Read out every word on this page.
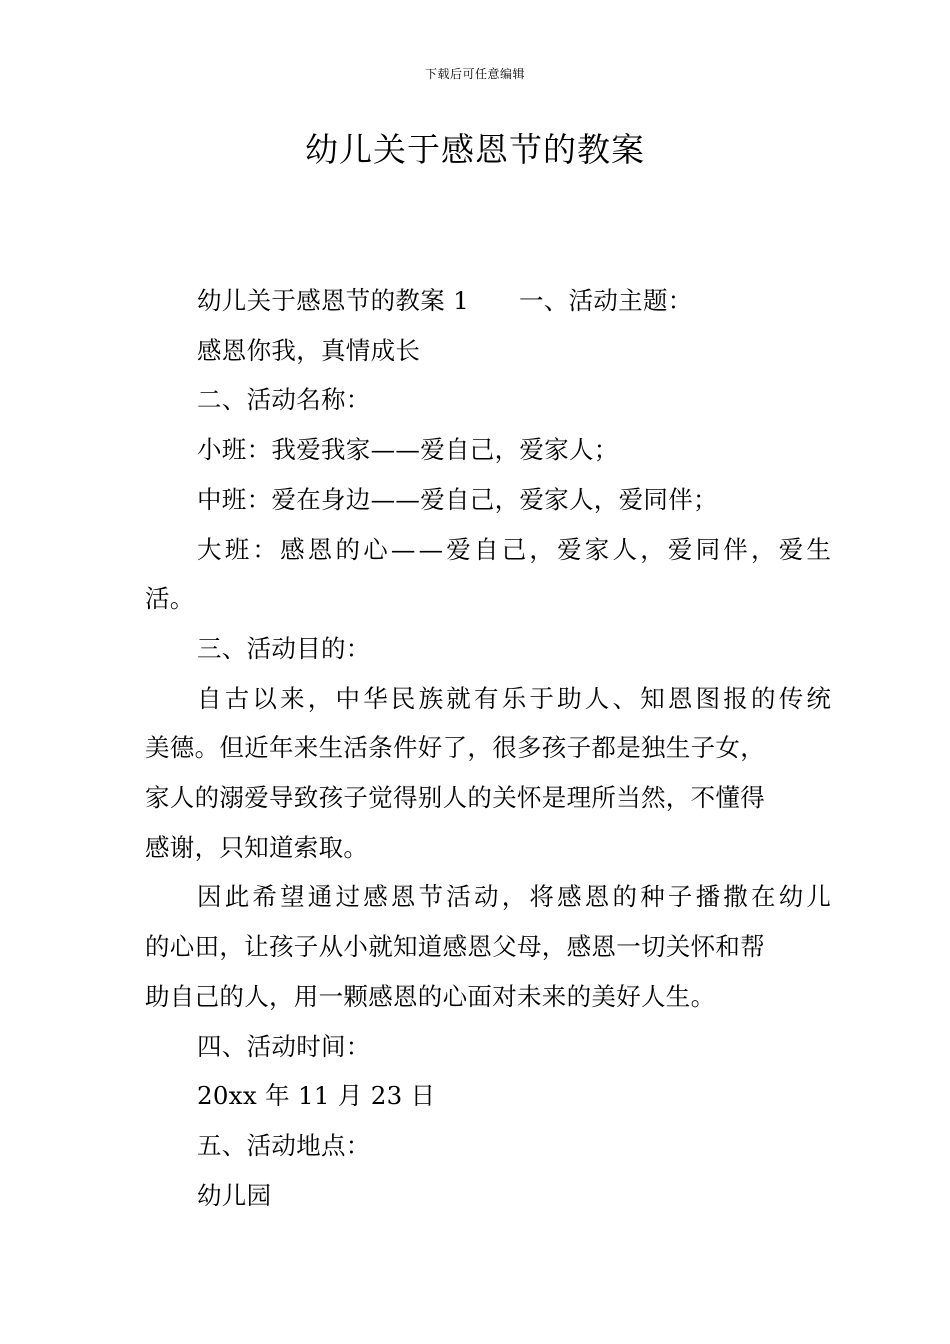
下载后可任意编辑
幼儿关于感恩节的教案
幼儿关于感恩节的教案 1 一、活动主题：
感恩你我，真情成长
二、活动名称：
小班：我爱我家——爱自己，爱家人；
中班：爱在身边——爱自己，爱家人，爱同伴；
大班：感恩的心——爱自己，爱家人，爱同伴，爱生
活。
三、活动目的：
自古以来，中华民族就有乐于助人、知恩图报的传统
美德。但近年来生活条件好了，很多孩子都是独生子女，
家人的溺爱导致孩子觉得别人的关怀是理所当然，不懂得
感谢，只知道索取。
因此希望通过感恩节活动，将感恩的种子播撒在幼儿
的心田，让孩子从小就知道感恩父母，感恩一切关怀和帮
助自己的人，用一颗感恩的心面对未来的美好人生。
四、活动时间：
20xx 年 11 月 23 日
五、活动地点：
幼儿园
